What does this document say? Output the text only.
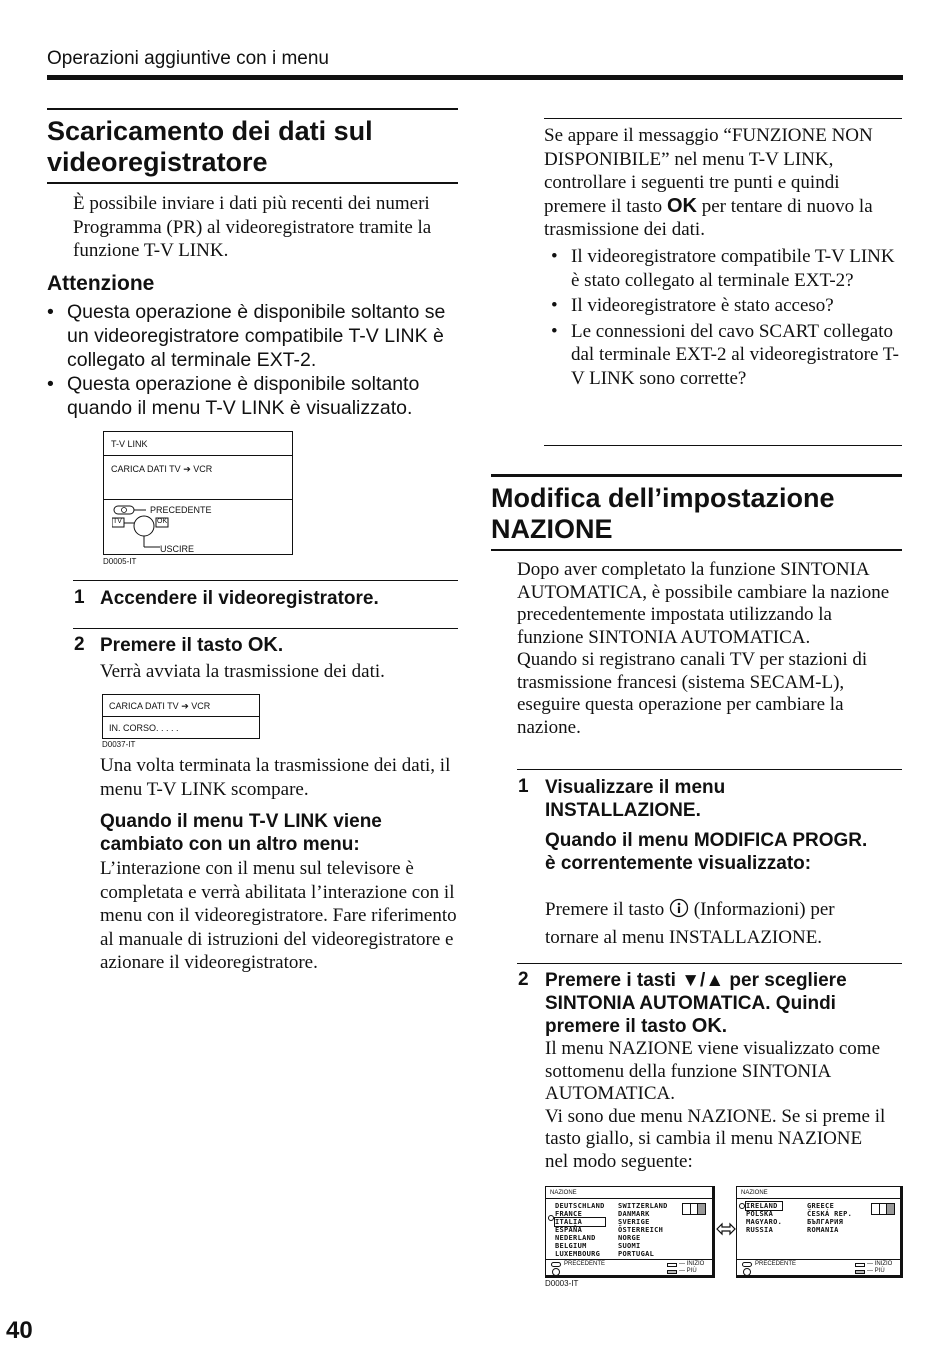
Operazioni aggiuntive con i menu
Scaricamento dei dati sul
videoregistratore
È possibile inviare i dati più recenti dei numeri Programma (PR) al videoregistratore tramite la funzione T-V LINK.
Attenzione
• Questa operazione è disponibile soltanto se un videoregistratore compatibile T-V LINK è collegato al terminale EXT-2.
• Questa operazione è disponibile soltanto quando il menu T-V LINK è visualizzato.
T-V LINK
CARICA DATI TV ➔ VCR
TV	OK
PRECEDENTE
USCIRE
D0005-IT
1 Accendere il videoregistratore.
2 Premere il tasto OK.
Verrà avviata la trasmissione dei dati.
CARICA DATI TV ➔ VCR
IN. CORSO. . . . .
D0037-IT
Una volta terminata la trasmissione dei dati, il menu T-V LINK scompare.
Quando il menu T-V LINK viene cambiato con un altro menu:
L’interazione con il menu sul televisore è completata e verrà abilitata l’interazione con il menu con il videoregistratore. Fare riferimento al manuale di istruzioni del videoregistratore e azionare il videoregistratore.
Se appare il messaggio “FUNZIONE NON DISPONIBILE” nel menu T-V LINK, controllare i seguenti tre punti e quindi premere il tasto OK per tentare di nuovo la trasmissione dei dati.
• Il videoregistratore compatibile T-V LINK è stato collegato al terminale EXT-2?
• Il videoregistratore è stato acceso?
• Le connessioni del cavo SCART collegato dal terminale EXT-2 al videoregistratore T-V LINK sono corrette?
Modifica dell’impostazione
NAZIONE
Dopo aver completato la funzione SINTONIA AUTOMATICA, è possibile cambiare la nazione precedentemente impostata utilizzando la funzione SINTONIA AUTOMATICA.
Quando si registrano canali TV per stazioni di trasmissione francesi (sistema SECAM-L), eseguire questa operazione per cambiare la nazione.
1 Visualizzare il menu INSTALLAZIONE.
Quando il menu MODIFICA PROGR. è correntemente visualizzato:
Premere il tasto (Informazioni) per tornare al menu INSTALLAZIONE.
2 Premere i tasti ▼/▲ per scegliere SINTONIA AUTOMATICA. Quindi premere il tasto OK.
Il menu NAZIONE viene visualizzato come sottomenu della funzione SINTONIA AUTOMATICA.
Vi sono due menu NAZIONE. Se si preme il tasto giallo, si cambia il menu NAZIONE nel modo seguente:
NAZIONE
DEUTSCHLAND
FRANCE
ITALIA
ESPAÑA
NEDERLAND
BELGIUM
LUXEMBOURG
SWITZERLAND
DANMARK
SVERIGE
ÖSTERREICH
NORGE
SUOMI
PORTUGAL
PRECEDENTE	— INIZIO
— PIÙ
NAZIONE
IRELAND
POLSKA
MAGYARO.
RUSSIA
GREECE
ČESKÁ REP.
БЪЛГАРИЯ
ROMANIA
PRECEDENTE	— INIZIO
— PIÙ
D0003-IT
40
